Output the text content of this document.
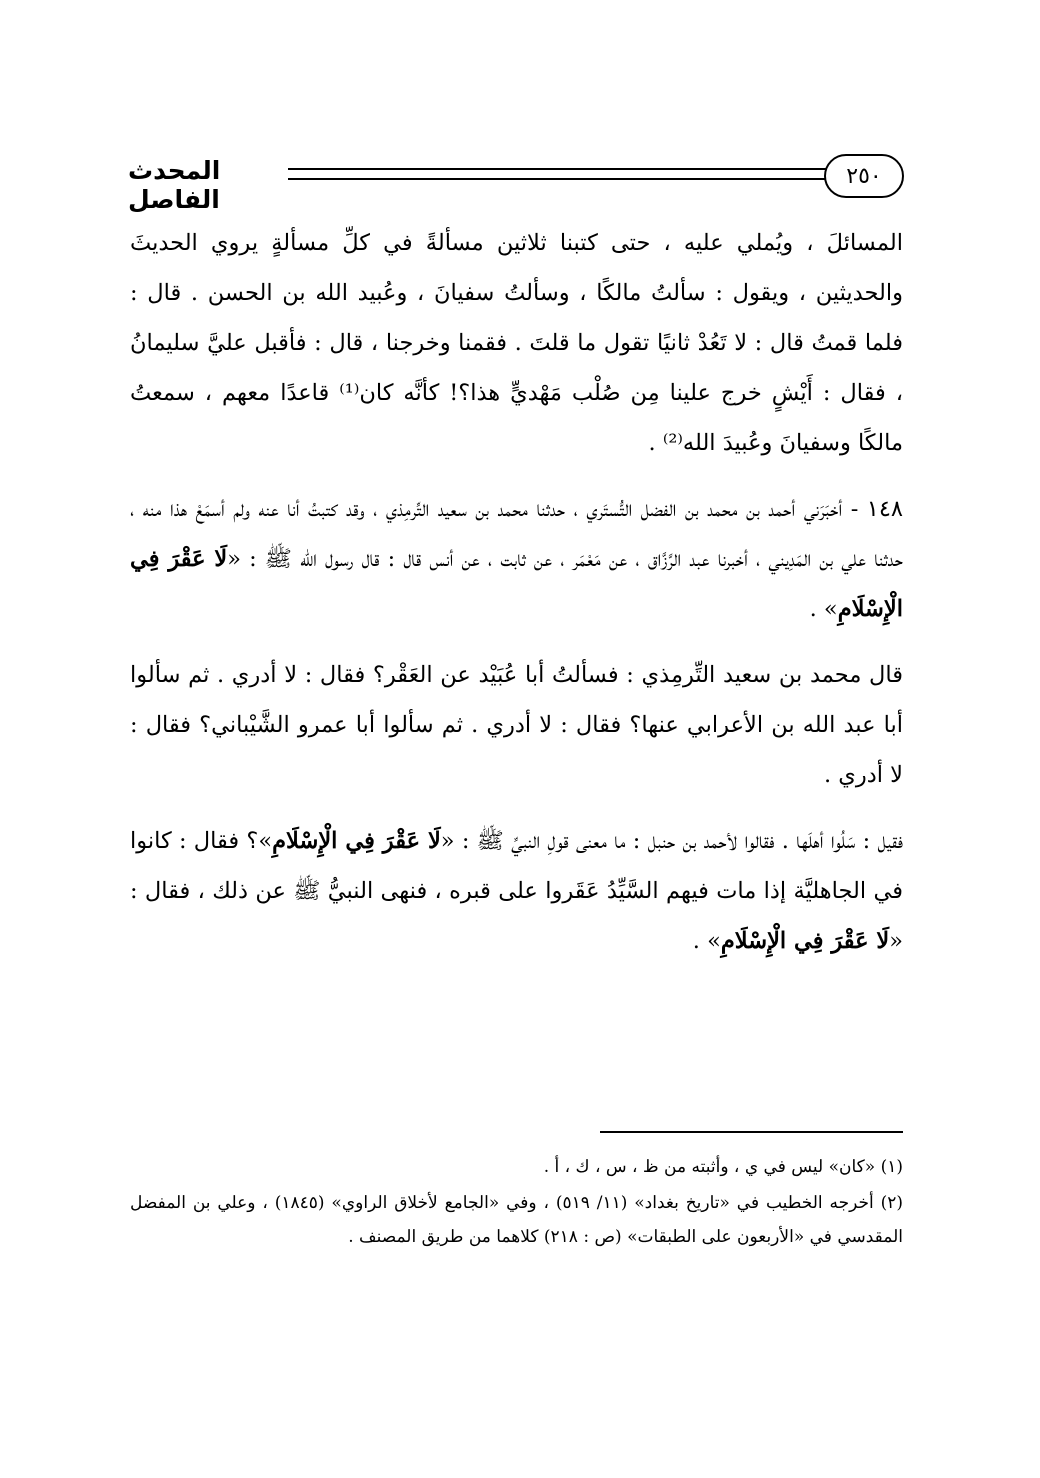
٢٥٠
المحدث الفاصل

المسائلَ ، ويُملي عليه ، حتى كتبنا ثلاثين مسألةً في كلِّ مسألةٍ يروي الحديثَ والحديثين ، ويقول : سألتُ مالكًا ، وسألتُ سفيانَ ، وعُبيد الله بن الحسن . قال : فلما قمتُ قال : لا تَعُدْ ثانيًا تقول ما قلتَ . فقمنا وخرجنا ، قال : فأقبل عليَّ سليمانُ ، فقال : أَيْشٍ خرج علينا مِن صُلْب مَهْديٍّ هذا؟! كأنَّه كان⁽¹⁾ قاعدًا معهم ، سمعتُ مالكًا وسفيانَ وعُبيدَ الله⁽²⁾ .

١٤٨ - أخبَرَني أحمد بن محمد بن الفضل التُّستَري ، حدثنا محمد بن سعيد التِّرمِذي ، وقد كتبتُ أنا عنه ولم أسمَعْ هذا منه ، حدثنا علي بن المَدِيني ، أخبرنا عبد الرَّزَّاق ، عن مَعْمَر ، عن ثابت ، عن أنس قال : قال رسول الله ﷺ : «لَا عَقْرَ فِي الْإِسْلَامِ» .

قال محمد بن سعيد التِّرمِذي : فسألتُ أبا عُبَيْد عن العَقْر؟ فقال : لا أدري . ثم سألوا أبا عبد الله بن الأعرابي عنها؟ فقال : لا أدري . ثم سألوا أبا عمرو الشَّيْباني؟ فقال : لا أدري .

فقيل : سَلُوا أهلَها . فقالوا لأحمد بن حنبل : ما معنى قولِ النبيِّ ﷺ : «لَا عَقْرَ فِي الْإِسْلَامِ»؟ فقال : كانوا في الجاهليَّة إذا مات فيهم السَّيِّدُ عَقَروا على قبره ، فنهى النبيُّ ﷺ عن ذلك ، فقال : «لَا عَقْرَ فِي الْإِسْلَامِ» .

(١) «كان» ليس في ي ، وأثبته من ظ ، س ، ك ، أ .

(٢) أخرجه الخطيب في «تاريخ بغداد» (١١/ ٥١٩) ، وفي «الجامع لأخلاق الراوي» (١٨٤٥) ، وعلي بن المفضل المقدسي في «الأربعون على الطبقات» (ص : ٢١٨) كلاهما من طريق المصنف .
